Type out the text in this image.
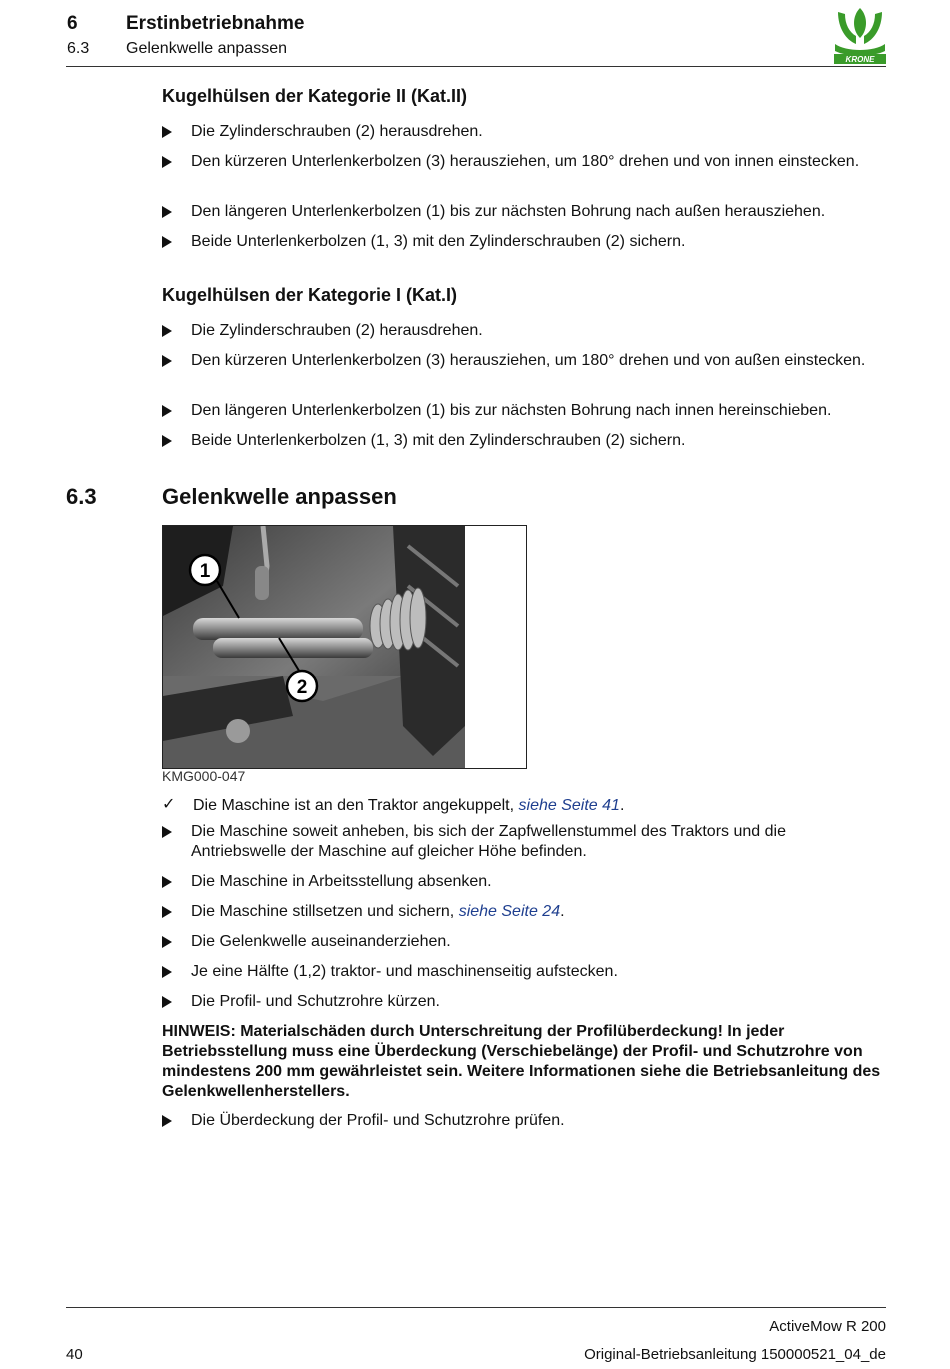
6	Erstinbetriebnahme
6.3 Gelenkwelle anpassen
KRONE
Kugelhülsen der Kategorie II (Kat.II)
Die Zylinderschrauben (2) herausdrehen.
Den kürzeren Unterlenkerbolzen (3) herausziehen, um 180° drehen und von innen einstecken.
Den längeren Unterlenkerbolzen (1) bis zur nächsten Bohrung nach außen herausziehen.
Beide Unterlenkerbolzen (1, 3) mit den Zylinderschrauben (2) sichern.
Kugelhülsen der Kategorie I (Kat.I)
Die Zylinderschrauben (2) herausdrehen.
Den kürzeren Unterlenkerbolzen (3) herausziehen, um 180° drehen und von außen einstecken.
Den längeren Unterlenkerbolzen (1) bis zur nächsten Bohrung nach innen hereinschieben.
Beide Unterlenkerbolzen (1, 3) mit den Zylinderschrauben (2) sichern.
6.3	Gelenkwelle anpassen
1
2
KMG000-047
✓ Die Maschine ist an den Traktor angekuppelt, siehe Seite 41.
Die Maschine soweit anheben, bis sich der Zapfwellenstummel des Traktors und die Antriebswelle der Maschine auf gleicher Höhe befinden.
Die Maschine in Arbeitsstellung absenken.
Die Maschine stillsetzen und sichern, siehe Seite 24.
Die Gelenkwelle auseinanderziehen.
Je eine Hälfte (1,2) traktor- und maschinenseitig aufstecken.
Die Profil- und Schutzrohre kürzen.
HINWEIS: Materialschäden durch Unterschreitung der Profilüberdeckung! In jeder Betriebsstellung muss eine Überdeckung (Verschiebelänge) der Profil- und Schutzrohre von mindestens 200 mm gewährleistet sein. Weitere Informationen siehe die Betriebsanleitung des Gelenkwellenherstellers.
Die Überdeckung der Profil- und Schutzrohre prüfen.
ActiveMow R 200
40	Original-Betriebsanleitung 150000521_04_de
